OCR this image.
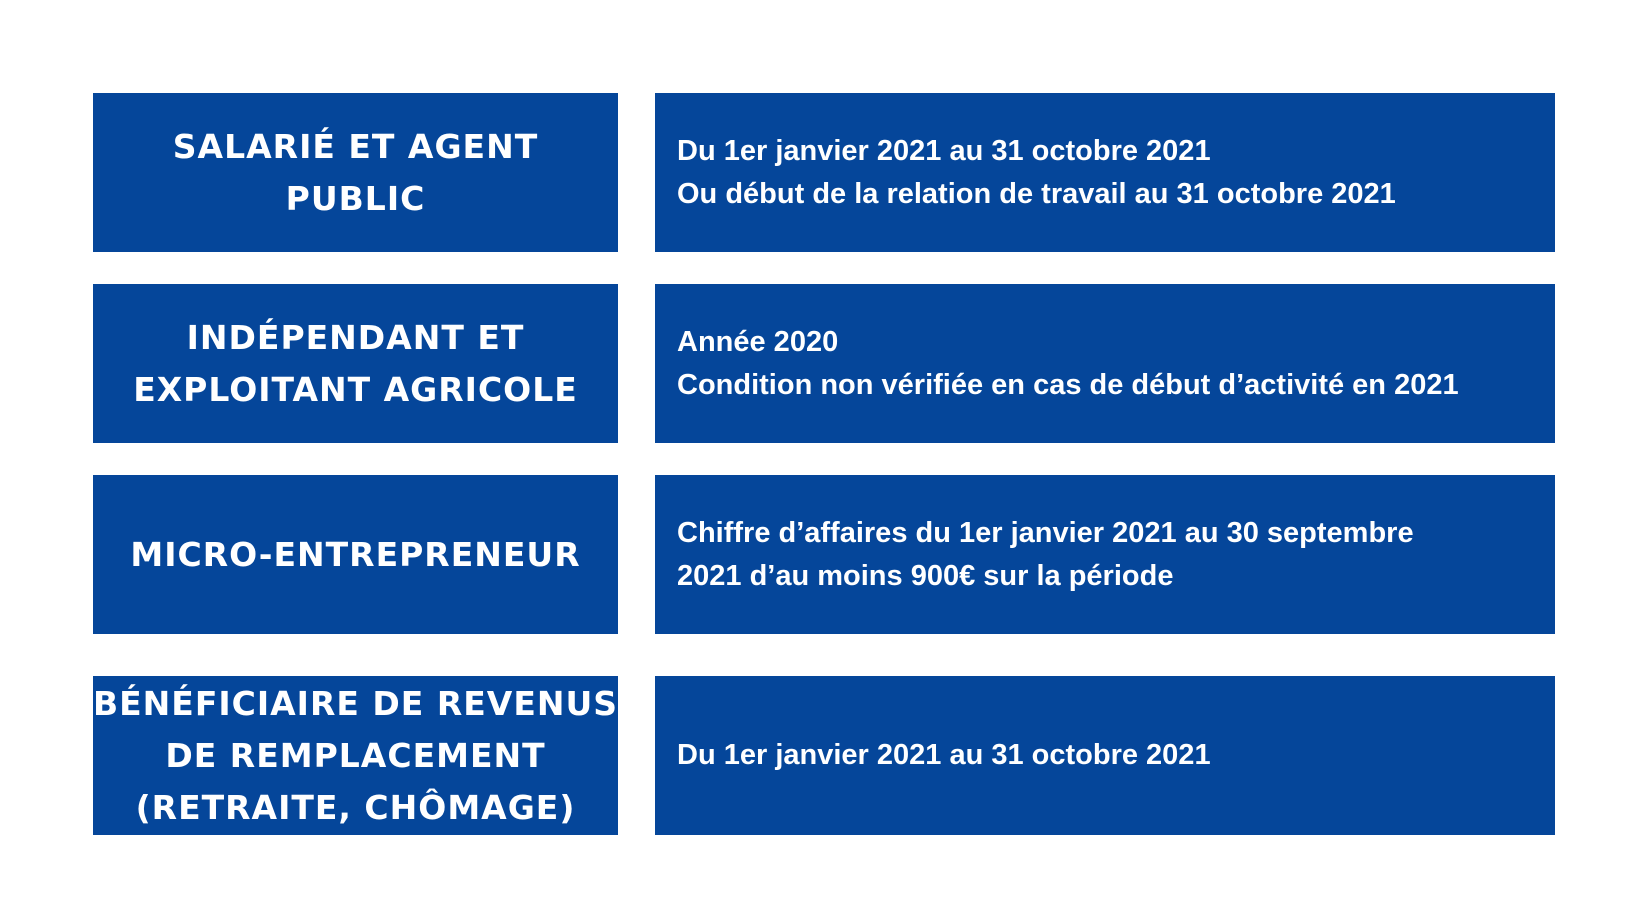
SALARIÉ ET AGENT
PUBLIC
Du 1er janvier 2021 au 31 octobre 2021
Ou début de la relation de travail au 31 octobre 2021
INDÉPENDANT ET
EXPLOITANT AGRICOLE
Année 2020
Condition non vérifiée en cas de début d’activité en 2021
MICRO-ENTREPRENEUR
Chiffre d’affaires du 1er janvier 2021 au 30 septembre
2021 d’au moins 900€ sur la période
BÉNÉFICIAIRE DE REVENUS
DE REMPLACEMENT
(RETRAITE, CHÔMAGE)
Du 1er janvier 2021 au 31 octobre 2021
